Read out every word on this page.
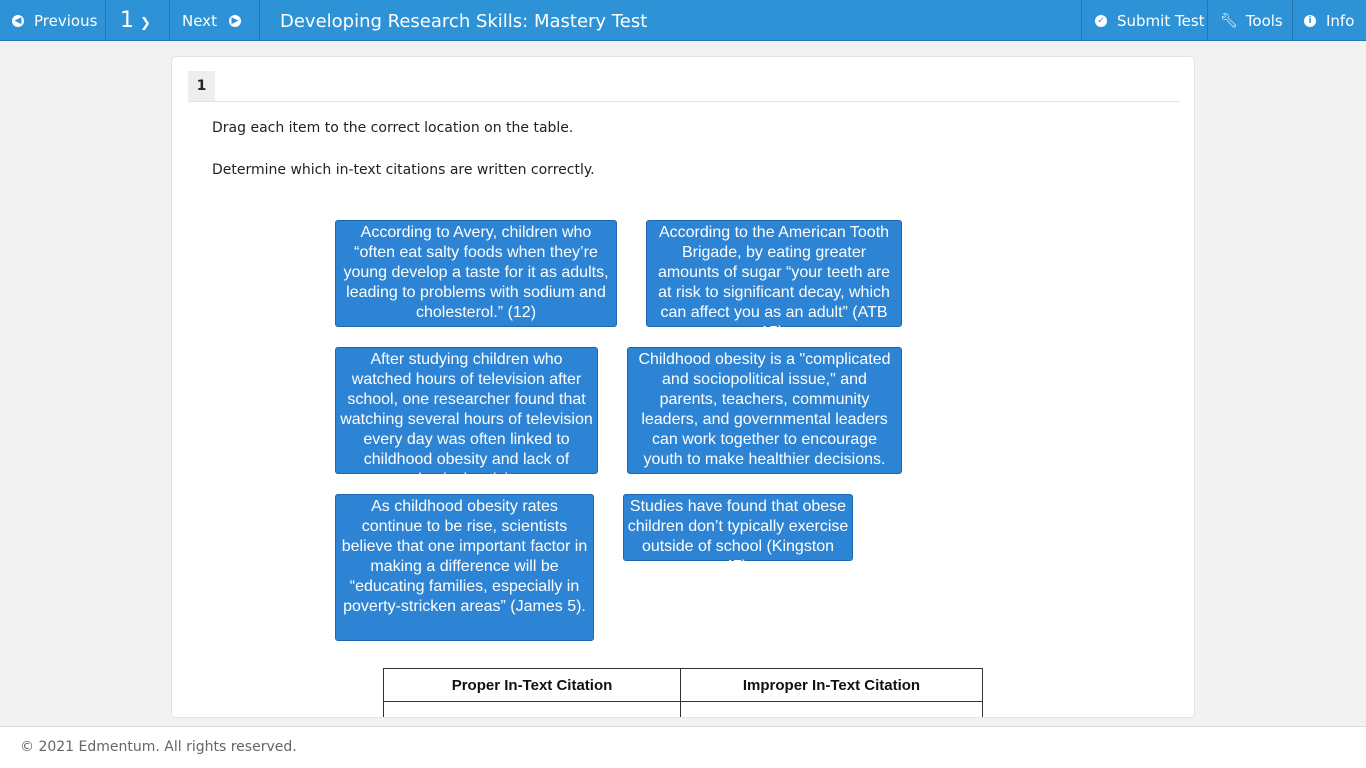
◀ Previous 1 ❯ Next ▶ Developing Research Skills: Mastery Test	✓ Submit Test 🔧︎ Tools	i Info
1
Drag each item to the correct location on the table.
Determine which in-text citations are written correctly.
According to Avery, children who “often eat salty foods when they’re young develop a taste for it as adults, leading to problems with sodium and cholesterol.” (12)
According to the American Tooth Brigade, by eating greater amounts of sugar “your teeth are at risk to significant decay, which can affect you as an adult” (ATB 15).
After studying children who watched hours of television after school, one researcher found that watching several hours of television every day was often linked to childhood obesity and lack of physical activity.
Childhood obesity is a "complicated and sociopolitical issue," and parents, teachers, community leaders, and governmental leaders can work together to encourage youth to make healthier decisions.
As childhood obesity rates continue to be rise, scientists believe that one important factor in making a difference will be “educating families, especially in poverty-stricken areas” (James 5).
Studies have found that obese children don’t typically exercise outside of school (Kingston 47).
Proper In-Text Citation	Improper In-Text Citation

© 2021 Edmentum. All rights reserved.
